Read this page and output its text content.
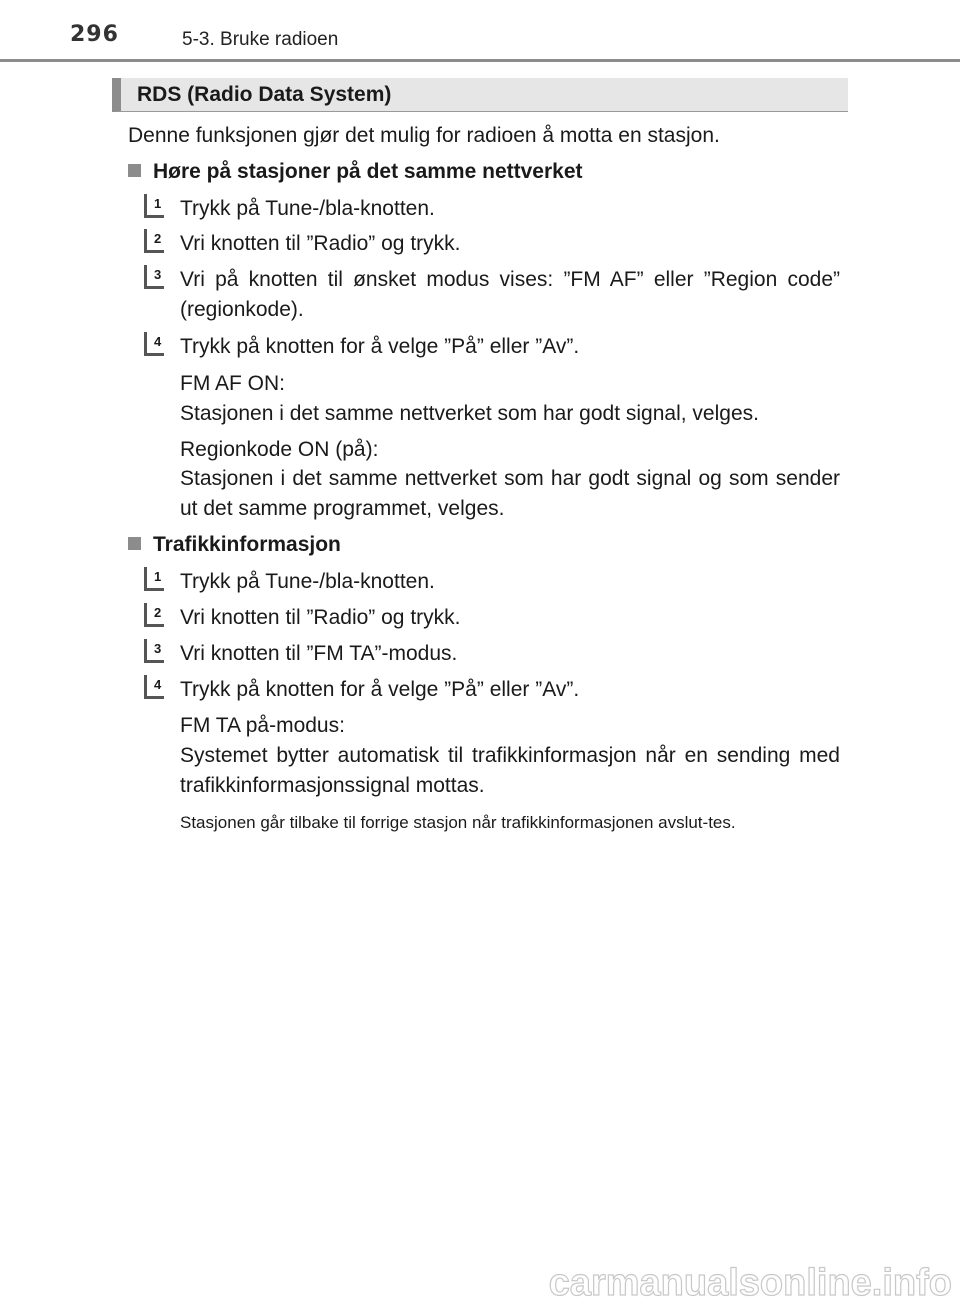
296	5-3. Bruke radioen
RDS (Radio Data System)
Denne funksjonen gjør det mulig for radioen å motta en stasjon.
Høre på stasjoner på det samme nettverket
1 Trykk på Tune-/bla-knotten.
2 Vri knotten til ”Radio” og trykk.
3 Vri på knotten til ønsket modus vises: ”FM AF” eller ”Region code” (regionkode).
4 Trykk på knotten for å velge ”På” eller ”Av”.
FM AF ON:
Stasjonen i det samme nettverket som har godt signal, velges.
Regionkode ON (på):
Stasjonen i det samme nettverket som har godt signal og som sender ut det samme programmet, velges.
Trafikkinformasjon
1 Trykk på Tune-/bla-knotten.
2 Vri knotten til ”Radio” og trykk.
3 Vri knotten til ”FM TA”-modus.
4 Trykk på knotten for å velge ”På” eller ”Av”.
FM TA på-modus:
Systemet bytter automatisk til trafikkinformasjon når en sending med trafikkinformasjonssignal mottas.
Stasjonen går tilbake til forrige stasjon når trafikkinformasjonen avslut-tes.
carmanualsonline.info
